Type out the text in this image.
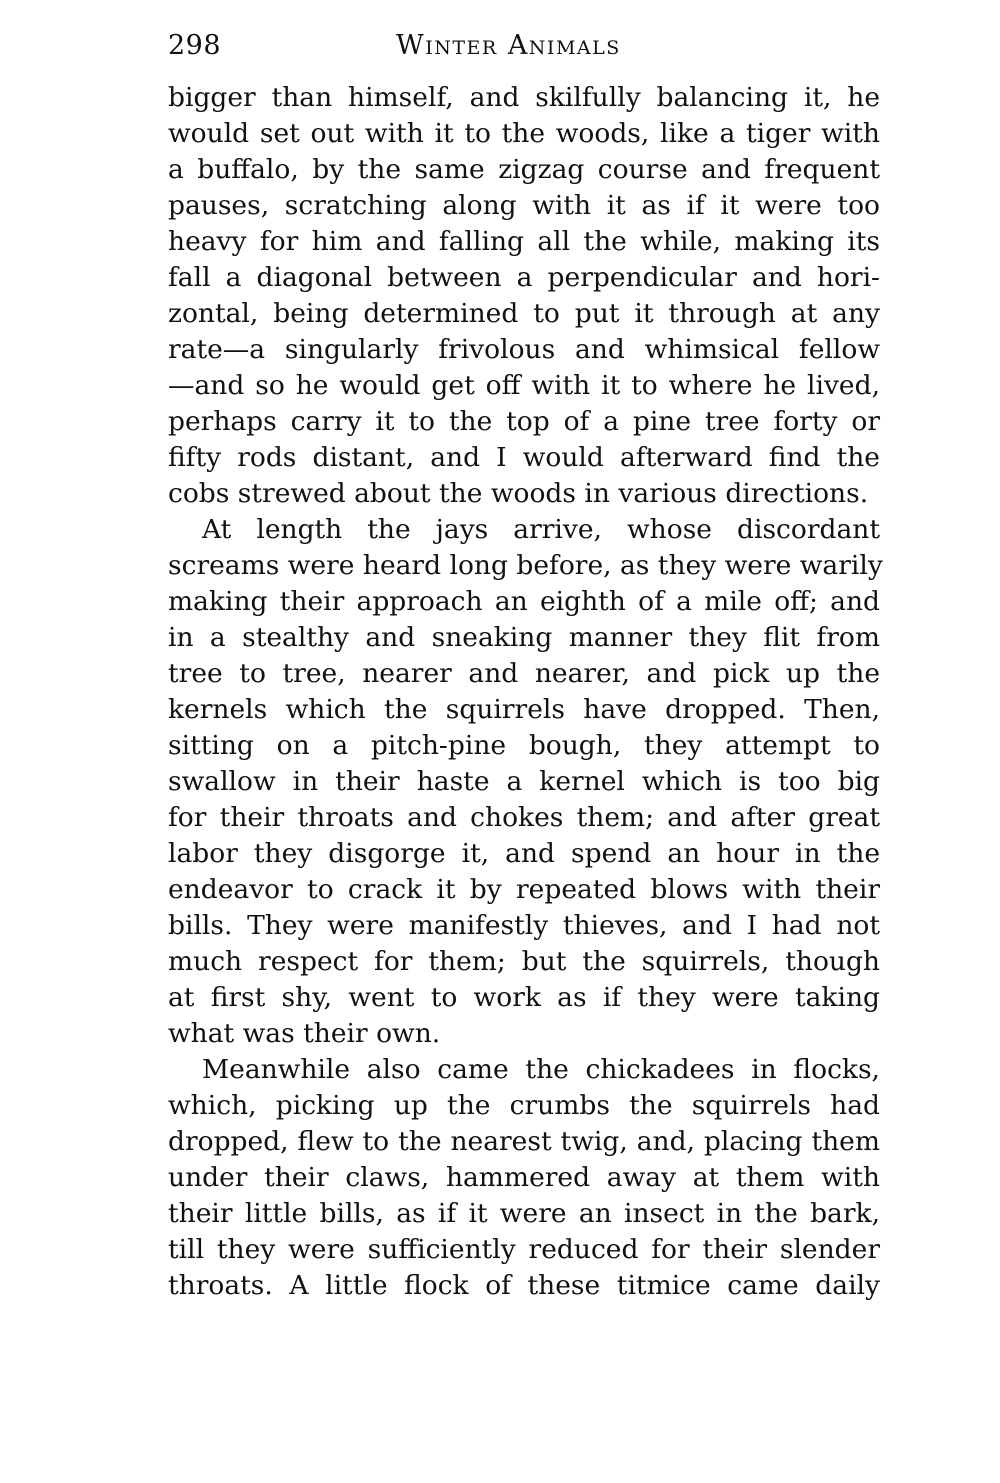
298	Winter Animals
bigger than himself, and skilfully balancing it, he
would set out with it to the woods, like a tiger with
a buffalo, by the same zigzag course and frequent
pauses, scratching along with it as if it were too
heavy for him and falling all the while, making its
fall a diagonal between a perpendicular and hori-
zontal, being determined to put it through at any
rate—a singularly frivolous and whimsical fellow
—and so he would get off with it to where he lived,
perhaps carry it to the top of a pine tree forty or
fifty rods distant, and I would afterward find the
cobs strewed about the woods in various directions.
At length the jays arrive, whose discordant
screams were heard long before, as they were warily
making their approach an eighth of a mile off; and
in a stealthy and sneaking manner they flit from
tree to tree, nearer and nearer, and pick up the
kernels which the squirrels have dropped. Then,
sitting on a pitch-pine bough, they attempt to
swallow in their haste a kernel which is too big
for their throats and chokes them; and after great
labor they disgorge it, and spend an hour in the
endeavor to crack it by repeated blows with their
bills. They were manifestly thieves, and I had not
much respect for them; but the squirrels, though
at first shy, went to work as if they were taking
what was their own.
Meanwhile also came the chickadees in flocks,
which, picking up the crumbs the squirrels had
dropped, flew to the nearest twig, and, placing them
under their claws, hammered away at them with
their little bills, as if it were an insect in the bark,
till they were sufficiently reduced for their slender
throats. A little flock of these titmice came daily
